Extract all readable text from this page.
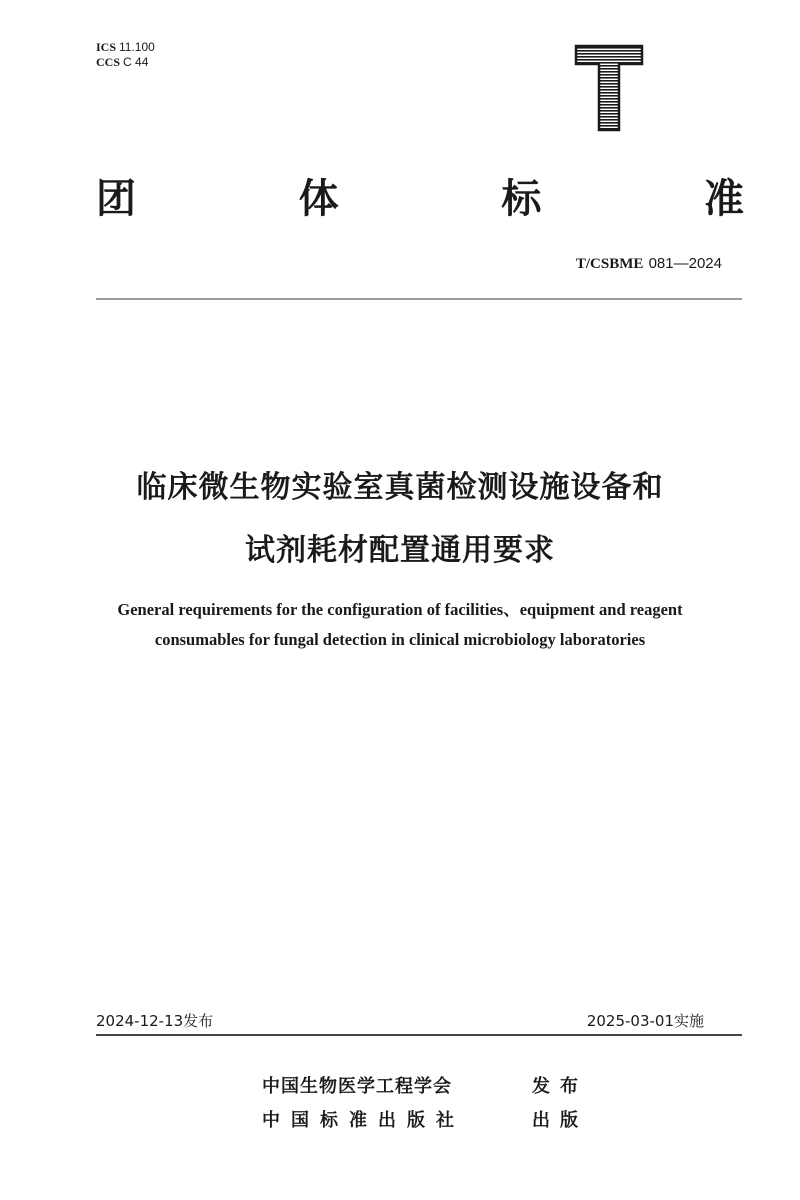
ICS 11.100
CCS C 44
团	体	标	准
T/CSBME 081—2024
临床微生物实验室真菌检测设施设备和
试剂耗材配置通用要求
General requirements for the configuration of facilities、equipment and reagent
consumables for fungal detection in clinical microbiology laboratories
2024-12-13发布	2025-03-01实施
中国生物医学工程学会	发布
中国标准出版社	出版
